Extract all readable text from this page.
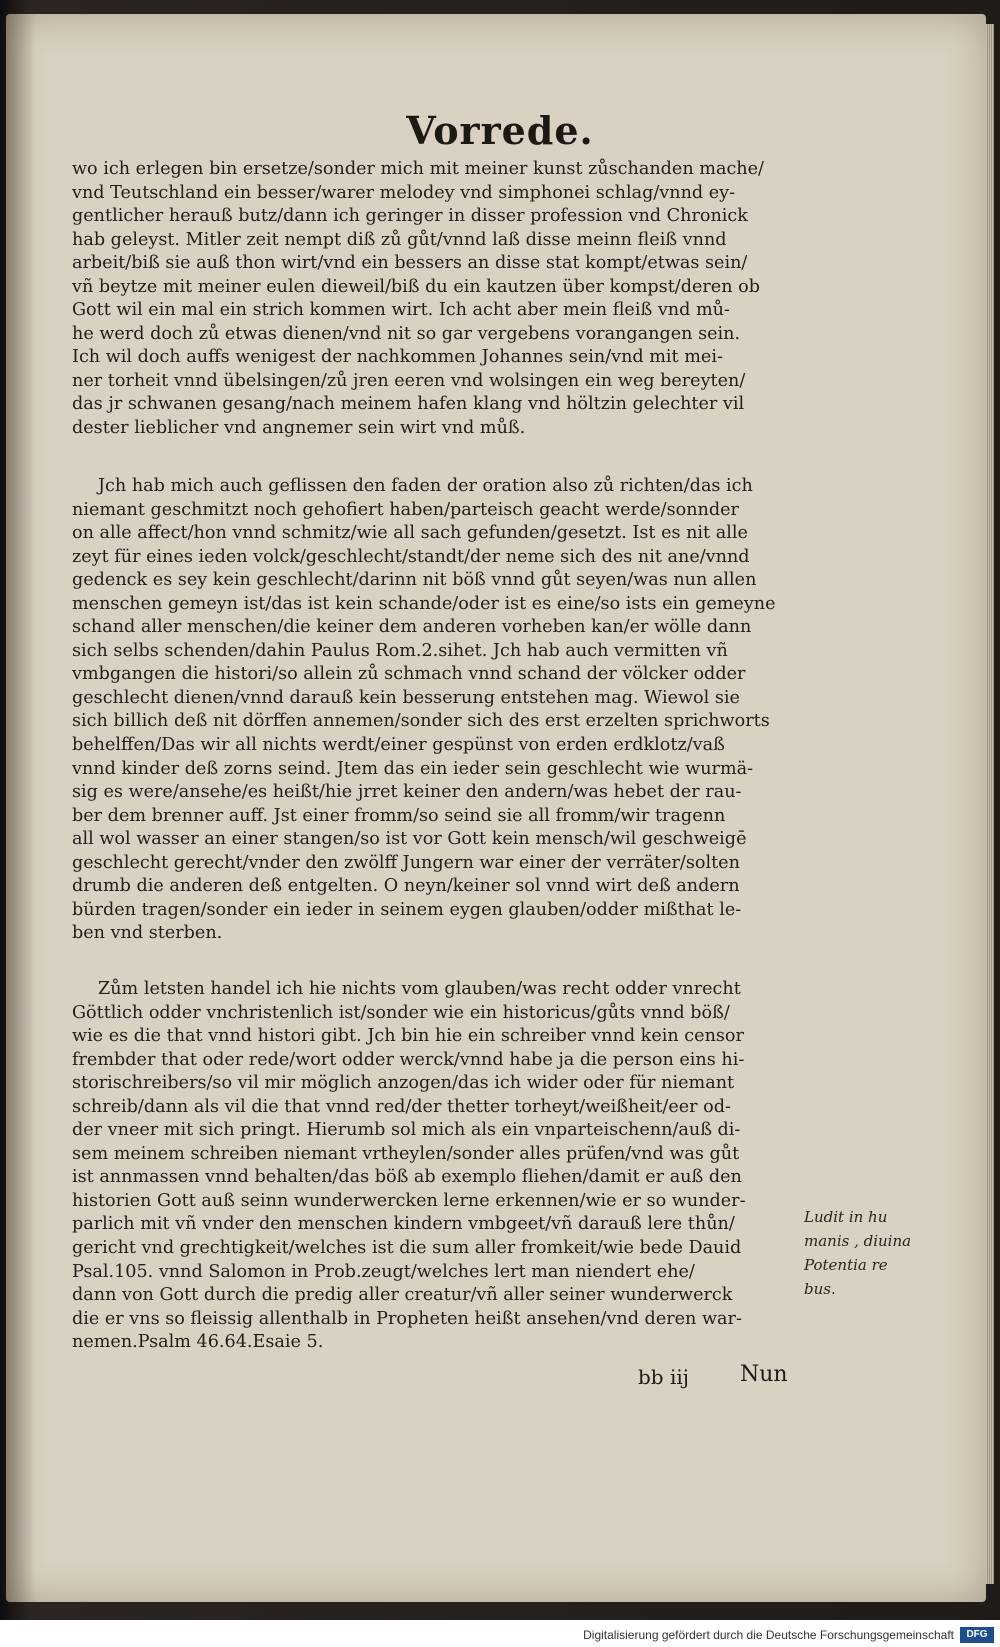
Vorrede.
wo ich erlegen bin ersetze/sonder mich mit meiner kunst zůschanden mache/
vnd Teutschland ein besser/warer melodey vnd simphonei schlag/vnnd ey-
gentlicher herauß butz/dann ich geringer in disser profession vnd Chronick
hab geleyst. Mitler zeit nempt diß zů gůt/vnnd laß disse meinn fleiß vnnd
arbeit/biß sie auß thon wirt/vnd ein bessers an disse stat kompt/etwas sein/
vñ beytze mit meiner eulen dieweil/biß du ein kautzen über kompst/deren ob
Gott wil ein mal ein strich kommen wirt. Ich acht aber mein fleiß vnd mů-
he werd doch zů etwas dienen/vnd nit so gar vergebens vorangangen sein.
Ich wil doch auffs wenigest der nachkommen Johannes sein/vnd mit mei-
ner torheit vnnd übelsingen/zů jren eeren vnd wolsingen ein weg bereyten/
das jr schwanen gesang/nach meinem hafen klang vnd höltzin gelechter vil
dester lieblicher vnd angnemer sein wirt vnd můß.
Jch hab mich auch geflissen den faden der oration also zů richten/das ich
niemant geschmitzt noch gehofiert haben/parteisch geacht werde/sonnder
on alle affect/hon vnnd schmitz/wie all sach gefunden/gesetzt. Ist es nit alle
zeyt für eines ieden volck/geschlecht/standt/der neme sich des nit ane/vnnd
gedenck es sey kein geschlecht/darinn nit böß vnnd gůt seyen/was nun allen
menschen gemeyn ist/das ist kein schande/oder ist es eine/so ists ein gemeyne
schand aller menschen/die keiner dem anderen vorheben kan/er wölle dann
sich selbs schenden/dahin Paulus Rom.2.sihet. Jch hab auch vermitten vñ
vmbgangen die histori/so allein zů schmach vnnd schand der völcker odder
geschlecht dienen/vnnd darauß kein besserung entstehen mag. Wiewol sie
sich billich deß nit dörffen annemen/sonder sich des erst erzelten sprichworts
behelffen/Das wir all nichts werdt/einer gespünst von erden erdklotz/vaß
vnnd kinder deß zorns seind. Jtem das ein ieder sein geschlecht wie wurmä-
sig es were/ansehe/es heißt/hie jrret keiner den andern/was hebet der rau-
ber dem brenner auff. Jst einer fromm/so seind sie all fromm/wir tragenn
all wol wasser an einer stangen/so ist vor Gott kein mensch/wil geschweigē
geschlecht gerecht/vnder den zwölff Jungern war einer der verräter/solten
drumb die anderen deß entgelten. O neyn/keiner sol vnnd wirt deß andern
bürden tragen/sonder ein ieder in seinem eygen glauben/odder mißthat le-
ben vnd sterben.
Zům letsten handel ich hie nichts vom glauben/was recht odder vnrecht
Göttlich odder vnchristenlich ist/sonder wie ein historicus/gůts vnnd böß/
wie es die that vnnd histori gibt. Jch bin hie ein schreiber vnnd kein censor
frembder that oder rede/wort odder werck/vnnd habe ja die person eins hi-
storischreibers/so vil mir möglich anzogen/das ich wider oder für niemant
schreib/dann als vil die that vnnd red/der thetter torheyt/weißheit/eer od-
der vneer mit sich pringt. Hierumb sol mich als ein vnparteischenn/auß di-
sem meinem schreiben niemant vrtheylen/sonder alles prüfen/vnd was gůt
ist annmassen vnnd behalten/das böß ab exemplo fliehen/damit er auß den
historien Gott auß seinn wunderwercken lerne erkennen/wie er so wunder-
parlich mit vñ vnder den menschen kindern vmbgeet/vñ darauß lere thůn/
gericht vnd grechtigkeit/welches ist die sum aller fromkeit/wie bede Dauid
Psal.105. vnnd Salomon in Prob.zeugt/welches lert man niendert ehe/
dann von Gott durch die predig aller creatur/vñ aller seiner wunderwerck
die er vns so fleissig allenthalb in Propheten heißt ansehen/vnd deren war-
nemen.Psalm 46.64.Esaie 5.
Ludit in hu
manis , diuina
Potentia re
bus.
bb iij Nun
Digitalisierung gefördert durch die Deutsche Forschungsgemeinschaft	DFG
